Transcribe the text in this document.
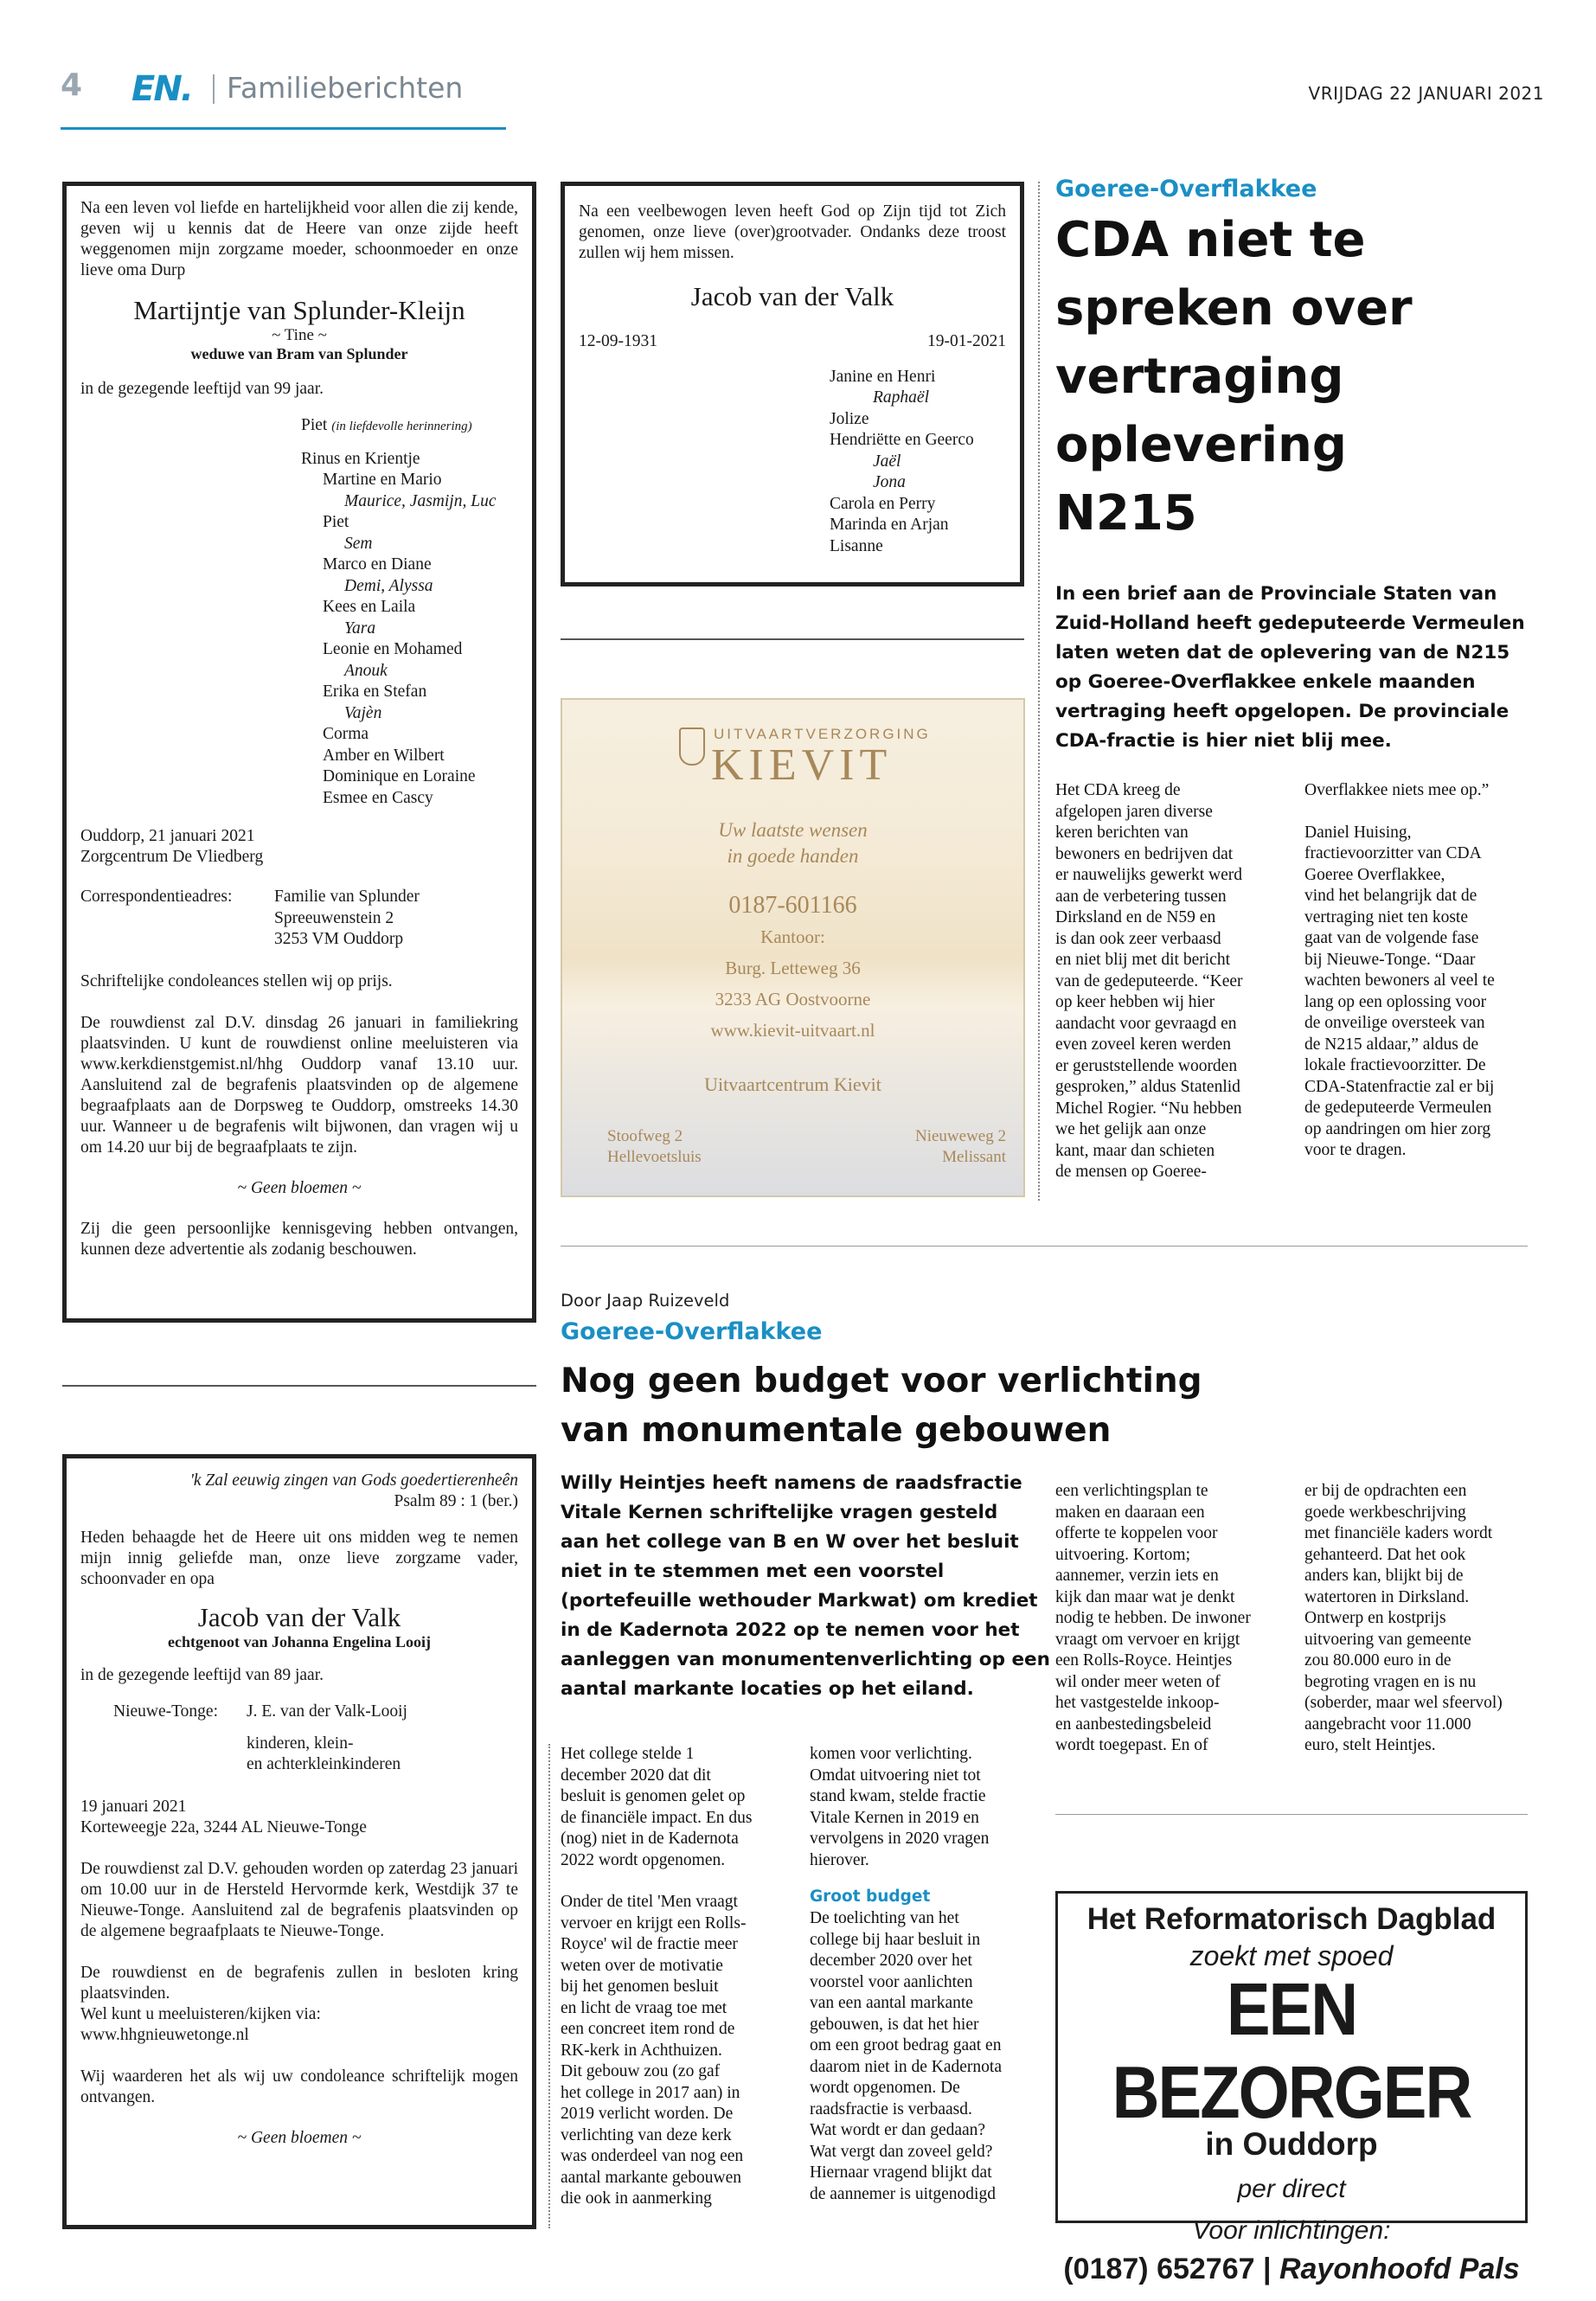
4 EN. Familieberichten	VRIJDAG 22 JANUARI 2021

Na een leven vol liefde en hartelijkheid voor allen die zij kende, geven wij u kennis dat de Heere van onze zijde heeft weggenomen mijn zorgzame moeder, schoonmoeder en onze lieve oma Durp

Martijntje van Splunder-Kleijn
~ Tine ~
weduwe van Bram van Splunder

in de gezegende leeftijd van 99 jaar.

Piet (in liefdevolle herinnering)
Rinus en Krientje
Martine en Mario
Maurice, Jasmijn, Luc
Piet
Sem
Marco en Diane
Demi, Alyssa
Kees en Laila
Yara
Leonie en Mohamed
Anouk
Erika en Stefan
Vajèn
Corma
Amber en Wilbert
Dominique en Loraine
Esmee en Cascy

Ouddorp, 21 januari 2021

Zorgcentrum De Vliedberg

Correspondentieadres:	Familie van Splunder
Spreeuwenstein 2
3253 VM Ouddorp

Schriftelijke condoleances stellen wij op prijs.

De rouwdienst zal D.V. dinsdag 26 januari in familiekring plaatsvinden. U kunt de rouwdienst online meeluisteren via www.kerkdienstgemist.nl/hhg Ouddorp vanaf 13.10 uur. Aansluitend zal de begrafenis plaatsvinden op de algemene begraafplaats aan de Dorpsweg te Ouddorp, omstreeks 14.30 uur. Wanneer u de begrafenis wilt bijwonen, dan vragen wij u om 14.20 uur bij de begraafplaats te zijn.

~ Geen bloemen ~

Zij die geen persoonlijke kennisgeving hebben ontvangen, kunnen deze advertentie als zodanig beschouwen.

Na een veelbewogen leven heeft God op Zijn tijd tot Zich genomen, onze lieve (over)grootvader. Ondanks deze troost zullen wij hem missen.

Jacob van der Valk
12-09-1931	19-01-2021
Janine en Henri
Raphaël
Jolize
Hendriëtte en Geerco
Jaël
Jona
Carola en Perry
Marinda en Arjan
Lisanne
UITVAARTVERZORGING
KIEVIT
Uw laatste wensen
in goede handen
0187-601166
Kantoor:
Burg. Letteweg 36
3233 AG Oostvoorne
www.kievit-uitvaart.nl
Uitvaartcentrum Kievit
Stoofweg 2
Hellevoetsluis
Nieuweweg 2
Melissant
Goeree-Overflakkee
CDA niet te
spreken over
vertraging
oplevering
N215
In een brief aan de Provinciale Staten van
Zuid-Holland heeft gedeputeerde Vermeulen
laten weten dat de oplevering van de N215
op Goeree-Overflakkee enkele maanden
vertraging heeft opgelopen. De provinciale
CDA-fractie is hier niet blij mee.
Het CDA kreeg de
afgelopen jaren diverse
keren berichten van
bewoners en bedrijven dat
er nauwelijks gewerkt werd
aan de verbetering tussen
Dirksland en de N59 en
is dan ook zeer verbaasd
en niet blij met dit bericht
van de gedeputeerde. “Keer
op keer hebben wij hier
aandacht voor gevraagd en
even zoveel keren werden
er geruststellende woorden
gesproken,” aldus Statenlid
Michel Rogier. “Nu hebben
we het gelijk aan onze
kant, maar dan schieten
de mensen op Goeree-
Overflakkee niets mee op.”
Daniel Huising,
fractievoorzitter van CDA
Goeree Overflakkee,
vind het belangrijk dat de
vertraging niet ten koste
gaat van de volgende fase
bij Nieuwe-Tonge. “Daar
wachten bewoners al veel te
lang op een oplossing voor
de onveilige oversteek van
de N215 aldaar,” aldus de
lokale fractievoorzitter. De
CDA-Statenfractie zal er bij
de gedeputeerde Vermeulen
op aandringen om hier zorg
voor te dragen.
'k Zal eeuwig zingen van Gods goedertierenheên
Psalm 89 : 1 (ber.)

Heden behaagde het de Heere uit ons midden weg te nemen mijn innig geliefde man, onze lieve zorgzame vader, schoonvader en opa

Jacob van der Valk
echtgenoot van Johanna Engelina Looij

in de gezegende leeftijd van 89 jaar.

Nieuwe-Tonge:	J. E. van der Valk-Looij
kinderen, klein-
en achterkleinkinderen

19 januari 2021

Korteweegje 22a, 3244 AL Nieuwe-Tonge

De rouwdienst zal D.V. gehouden worden op zaterdag 23 januari om 10.00 uur in de Hersteld Hervormde kerk, Westdijk 37 te Nieuwe-Tonge. Aansluitend zal de begrafenis plaatsvinden op de algemene begraafplaats te Nieuwe-Tonge.

De rouwdienst en de begrafenis zullen in besloten kring plaatsvinden.

Wel kunt u meeluisteren/kijken via:

www.hhgnieuwetonge.nl

Wij waarderen het als wij uw condoleance schriftelijk mogen ontvangen.

~ Geen bloemen ~
Door Jaap Ruizeveld
Goeree-Overflakkee
Nog geen budget voor verlichting
van monumentale gebouwen
Willy Heintjes heeft namens de raadsfractie
Vitale Kernen schriftelijke vragen gesteld
aan het college van B en W over het besluit
niet in te stemmen met een voorstel
(portefeuille wethouder Markwat) om krediet
in de Kadernota 2022 op te nemen voor het
aanleggen van monumentenverlichting op een
aantal markante locaties op het eiland.
Het college stelde 1
december 2020 dat dit
besluit is genomen gelet op
de financiële impact. En dus
(nog) niet in de Kadernota
2022 wordt opgenomen.
Onder de titel 'Men vraagt
vervoer en krijgt een Rolls-
Royce' wil de fractie meer
weten over de motivatie
bij het genomen besluit
en licht de vraag toe met
een concreet item rond de
RK-kerk in Achthuizen.
Dit gebouw zou (zo gaf
het college in 2017 aan) in
2019 verlicht worden. De
verlichting van deze kerk
was onderdeel van nog een
aantal markante gebouwen
die ook in aanmerking
komen voor verlichting.
Omdat uitvoering niet tot
stand kwam, stelde fractie
Vitale Kernen in 2019 en
vervolgens in 2020 vragen
hierover.
Groot budget
De toelichting van het
college bij haar besluit in
december 2020 over het
voorstel voor aanlichten
van een aantal markante
gebouwen, is dat het hier
om een groot bedrag gaat en
daarom niet in de Kadernota
wordt opgenomen. De
raadsfractie is verbaasd.
Wat wordt er dan gedaan?
Wat vergt dan zoveel geld?
Hiernaar vragend blijkt dat
de aannemer is uitgenodigd
een verlichtingsplan te
maken en daaraan een
offerte te koppelen voor
uitvoering. Kortom;
aannemer, verzin iets en
kijk dan maar wat je denkt
nodig te hebben. De inwoner
vraagt om vervoer en krijgt
een Rolls-Royce. Heintjes
wil onder meer weten of
het vastgestelde inkoop-
en aanbestedingsbeleid
wordt toegepast. En of
er bij de opdrachten een
goede werkbeschrijving
met financiële kaders wordt
gehanteerd. Dat het ook
anders kan, blijkt bij de
watertoren in Dirksland.
Ontwerp en kostprijs
uitvoering van gemeente
zou 80.000 euro in de
begroting vragen en is nu
(soberder, maar wel sfeervol)
aangebracht voor 11.000
euro, stelt Heintjes.
Het Reformatorisch Dagblad
zoekt met spoed
EEN BEZORGER
in Ouddorp
per direct
Voor inlichtingen:
(0187) 652767 | Rayonhoofd Pals
